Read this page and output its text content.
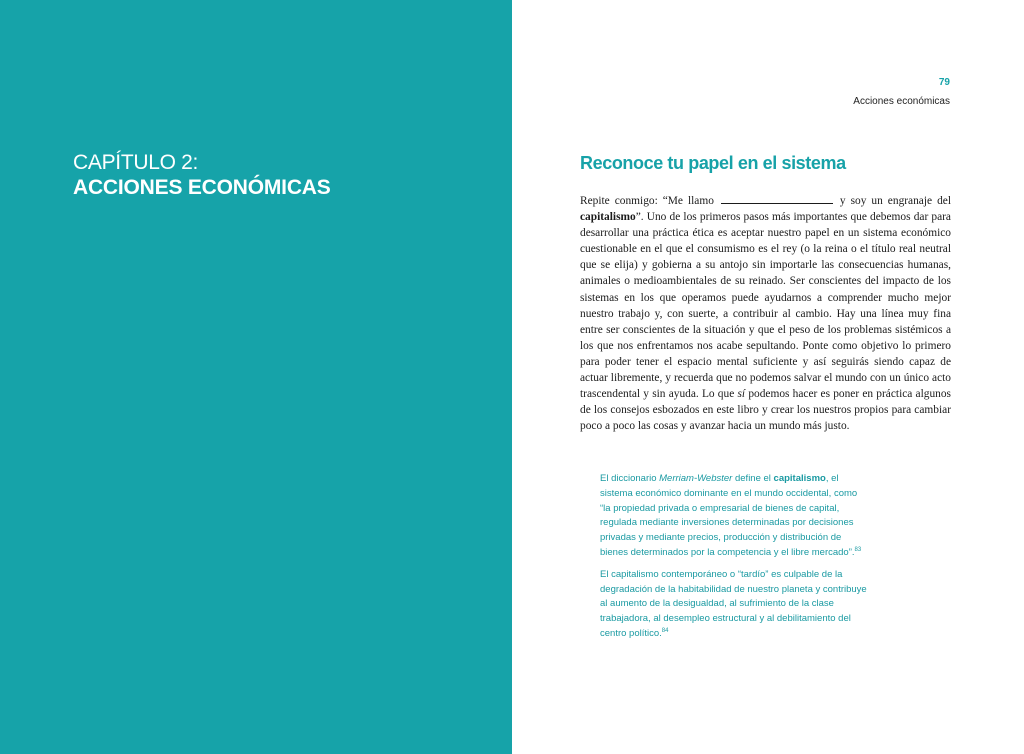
CAPÍTULO 2:
ACCIONES ECONÓMICAS
79
Acciones económicas
Reconoce tu papel en el sistema

Repite conmigo: “Me llamo	y soy un engranaje del capitalismo”. Uno de los primeros pasos más importantes que debemos dar para desarrollar una práctica ética es aceptar nuestro papel en un sistema económico cuestionable en el que el consumismo es el rey (o la reina o el título real neutral que se elija) y gobierna a su antojo sin importarle las consecuencias humanas, animales o medioambientales de su reinado. Ser conscientes del impacto de los sistemas en los que operamos puede ayudarnos a comprender mucho mejor nuestro trabajo y, con suerte, a contribuir al cambio. Hay una línea muy fina entre ser conscientes de la situación y que el peso de los problemas sistémicos a los que nos enfrentamos nos acabe sepultando. Ponte como objetivo lo primero para poder tener el espacio mental suficiente y así seguirás siendo capaz de actuar libremente, y recuerda que no podemos salvar el mundo con un único acto trascendental y sin ayuda. Lo que sí podemos hacer es poner en práctica algunos de los consejos esbozados en este libro y crear los nuestros propios para cambiar poco a poco las cosas y avanzar hacia un mundo más justo.

El diccionario Merriam-Webster define el capitalismo, el sistema económico dominante en el mundo occidental, como “la propiedad privada o empresarial de bienes de capital, regulada mediante inversiones determinadas por decisiones privadas y mediante precios, producción y distribución de bienes determinados por la competencia y el libre mercado”.$^{83}$

El capitalismo contemporáneo o “tardío” es culpable de la degradación de la habitabilidad de nuestro planeta y contribuye al aumento de la desigualdad, al sufrimiento de la clase trabajadora, al desempleo estructural y al debilitamiento del centro político.$^{84}$
